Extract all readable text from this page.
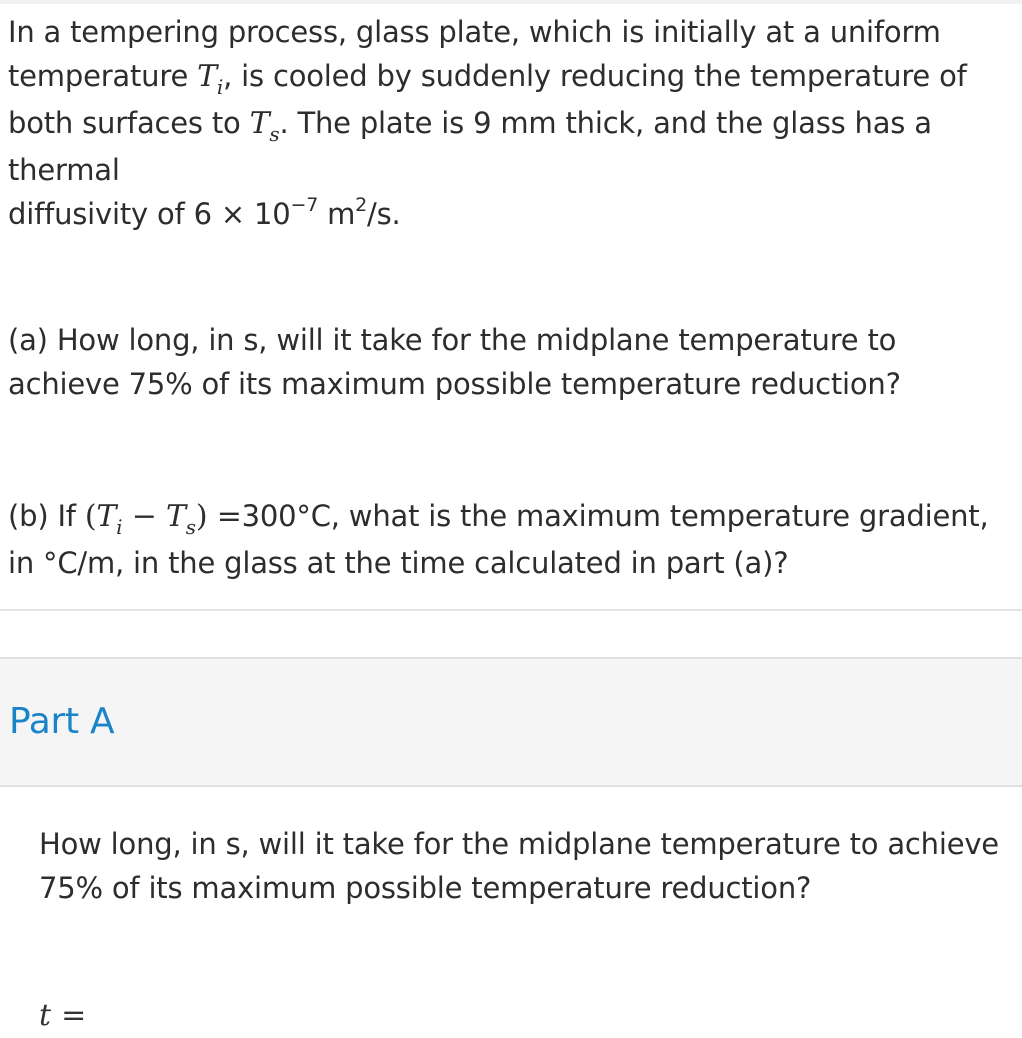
In a tempering process, glass plate, which is initially at a uniform

temperature $T_i$, is cooled by suddenly reducing the temperature of

both surfaces to $T_s$. The plate is 9 mm thick, and the glass has a thermal

diffusivity of $6 \times 10^{-7}$ $m^2/s$.

(a) How long, in s, will it take for the midplane temperature to achieve 75% of its maximum possible temperature reduction?
(b) If $(T_i - T_s) =300^\circ C$, what is the maximum temperature gradient, in °C/m, in the glass at the time calculated in part (a)?
Part A
How long, in s, will it take for the midplane temperature to achieve 75% of its maximum possible temperature reduction?
t =
